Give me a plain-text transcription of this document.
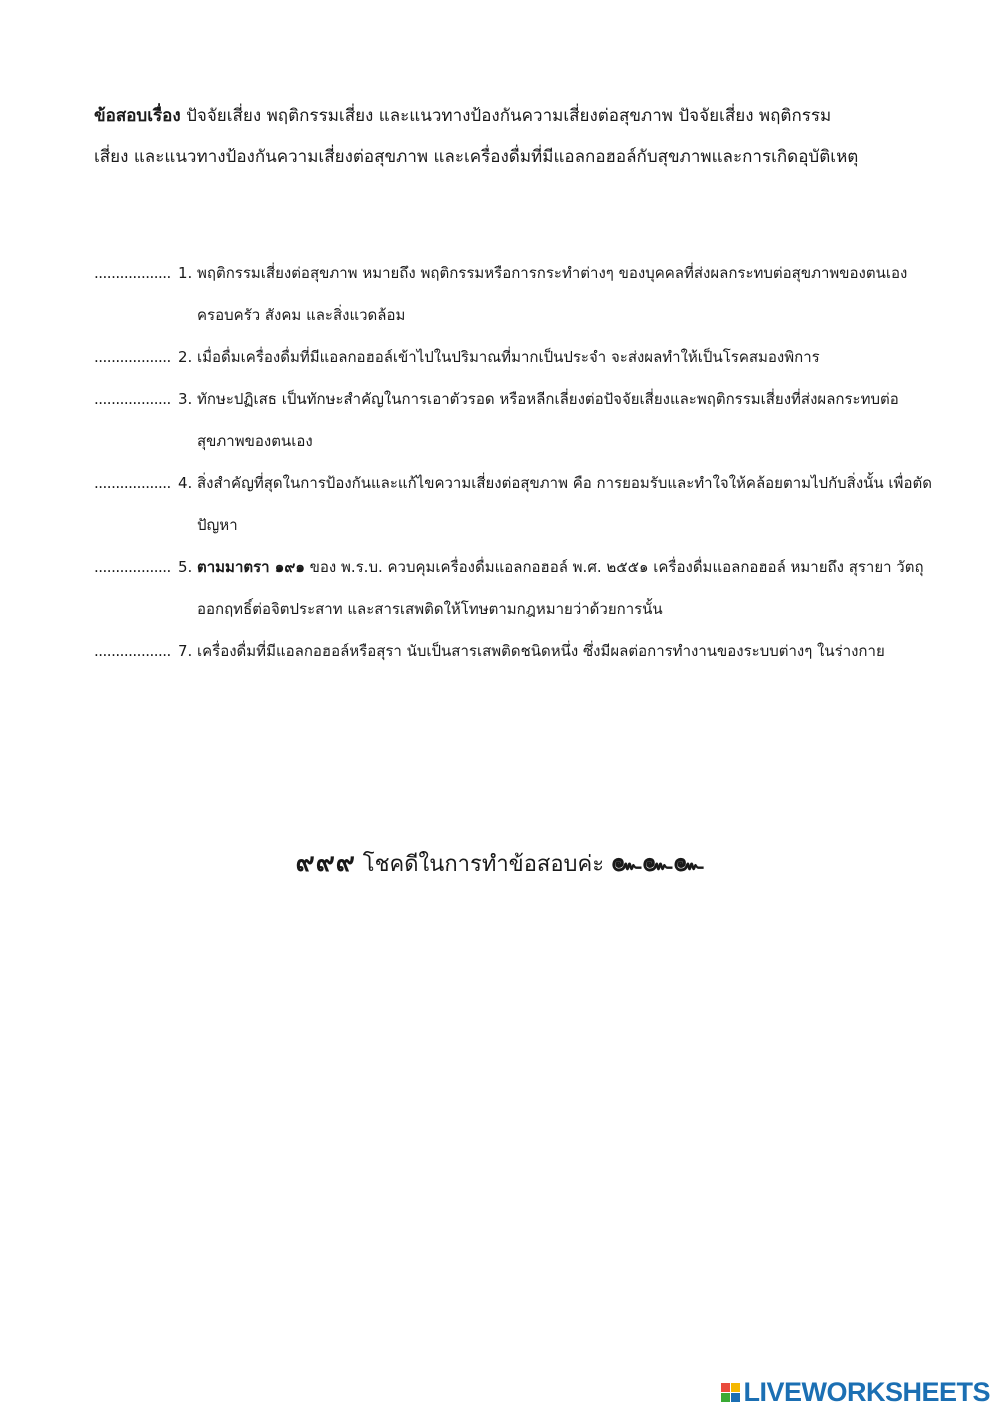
ข้อสอบเรื่อง ปัจจัยเสี่ยง พฤติกรรมเสี่ยง และแนวทางป้องกันความเสี่ยงต่อสุขภาพ ปัจจัยเสี่ยง พฤติกรรม
เสี่ยง และแนวทางป้องกันความเสี่ยงต่อสุขภาพ และเครื่องดื่มที่มีแอลกอฮอล์กับสุขภาพและการเกิดอุบัติเหตุ
.................. 1. พฤติกรรมเสี่ยงต่อสุขภาพ หมายถึง พฤติกรรมหรือการกระทำต่างๆ ของบุคคลที่ส่งผลกระทบต่อสุขภาพของตนเอง ครอบครัว สังคม และสิ่งแวดล้อม
.................. 2. เมื่อดื่มเครื่องดื่มที่มีแอลกอฮอล์เข้าไปในปริมาณที่มากเป็นประจำ จะส่งผลทำให้เป็นโรคสมองพิการ
.................. 3. ทักษะปฏิเสธ เป็นทักษะสำคัญในการเอาตัวรอด หรือหลีกเลี่ยงต่อปัจจัยเสี่ยงและพฤติกรรมเสี่ยงที่ส่งผลกระทบต่อสุขภาพของตนเอง
.................. 4. สิ่งสำคัญที่สุดในการป้องกันและแก้ไขความเสี่ยงต่อสุขภาพ คือ การยอมรับและทำใจให้คล้อยตามไปกับสิ่งนั้น เพื่อตัดปัญหา
.................. 5. ตามมาตรา ๑๙๑ ของ พ.ร.บ. ควบคุมเครื่องดื่มแอลกอฮอล์ พ.ศ. ๒๕๕๑ เครื่องดื่มแอลกอฮอล์ หมายถึง สุรายา วัตถุออกฤทธิ์ต่อจิตประสาท และสารเสพติดให้โทษตามกฎหมายว่าด้วยการนั้น
.................. 7. เครื่องดื่มที่มีแอลกอฮอล์หรือสุรา นับเป็นสารเสพติดชนิดหนึ่ง ซึ่งมีผลต่อการทำงานของระบบต่างๆ ในร่างกาย
๙๙๙ โชคดีในการทำข้อสอบค่ะ ๛๛๛
LIVEWORKSHEETS
